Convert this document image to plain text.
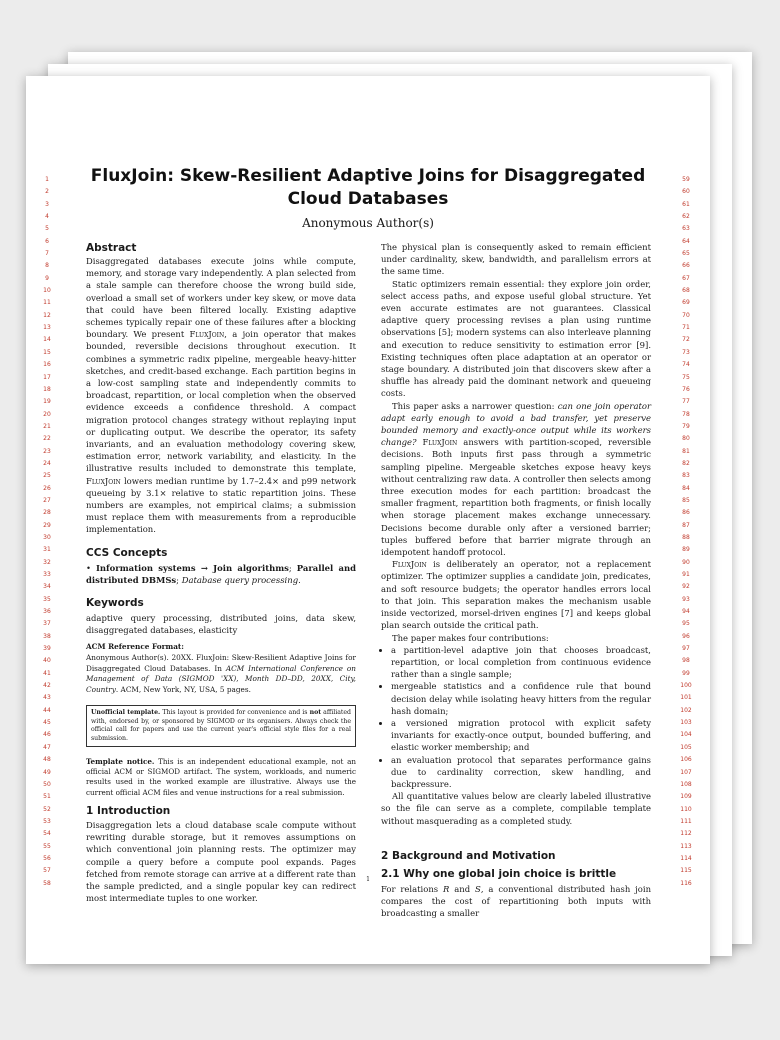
1
2
3
4
5
6
7
8
9
10
11
12
13
14
15
16
17
18
19
20
21
22
23
24
25
26
27
28
29
30
31
32
33
34
35
36
37
38
39
40
41
42
43
44
45
46
47
48
49
50
51
52
53
54
55
56
57
58
59
60
61
62
63
64
65
66
67
68
69
70
71
72
73
74
75
76
77
78
79
80
81
82
83
84
85
86
87
88
89
90
91
92
93
94
95
96
97
98
99
100
101
102
103
104
105
106
107
108
109
110
111
112
113
114
115
116
FluxJoin: Skew-Resilient Adaptive Joins for Disaggregated Cloud Databases
Anonymous Author(s)
Abstract

Disaggregated databases execute joins while compute, memory, and storage vary independently. A plan selected from a stale sample can therefore choose the wrong build side, overload a small set of workers under key skew, or move data that could have been filtered locally. Existing adaptive schemes typically repair one of these failures after a blocking boundary. We present FluxJoin, a join operator that makes bounded, reversible decisions throughout execution. It combines a symmetric radix pipeline, mergeable heavy-hitter sketches, and credit-based exchange. Each partition begins in a low-cost sampling state and independently commits to broadcast, repartition, or local completion when the observed evidence exceeds a confidence threshold. A compact migration protocol changes strategy without replaying input or duplicating output. We describe the operator, its safety invariants, and an evaluation methodology covering skew, estimation error, network variability, and elasticity. In the illustrative results included to demonstrate this template, FluxJoin lowers median runtime by 1.7–2.4× and p99 network queueing by 3.1× relative to static repartition joins. These numbers are examples, not empirical claims; a submission must replace them with measurements from a reproducible implementation.

CCS Concepts

• Information systems → Join algorithms; Parallel and distributed DBMSs; Database query processing.

Keywords

adaptive query processing, distributed joins, data skew, disaggregated databases, elasticity

ACM Reference Format:
Anonymous Author(s). 20XX. FluxJoin: Skew-Resilient Adaptive Joins for Disaggregated Cloud Databases. In ACM International Conference on Management of Data (SIGMOD 'XX), Month DD–DD, 20XX, City, Country. ACM, New York, NY, USA, 5 pages.

Unofficial template. This layout is provided for convenience and is not affiliated with, endorsed by, or sponsored by SIGMOD or its organisers. Always check the official call for papers and use the current year's official style files for a real submission.

Template notice. This is an independent educational example, not an official ACM or SIGMOD artifact. The system, workloads, and numeric results used in the worked example are illustrative. Always use the current official ACM files and venue instructions for a real submission.

1 Introduction

Disaggregation lets a cloud database scale compute without rewriting durable storage, but it removes assumptions on which conventional join planning rests. The optimizer may compile a query before a compute pool expands. Pages fetched from remote storage can arrive at a different rate than the sample predicted, and a single popular key can redirect most intermediate tuples to one worker.

The physical plan is consequently asked to remain efficient under cardinality, skew, bandwidth, and parallelism errors at the same time.

Static optimizers remain essential: they explore join order, select access paths, and expose useful global structure. Yet even accurate estimates are not guarantees. Classical adaptive query processing revises a plan using runtime observations [5]; modern systems can also interleave planning and execution to reduce sensitivity to estimation error [9]. Existing techniques often place adaptation at an operator or stage boundary. A distributed join that discovers skew after a shuffle has already paid the dominant network and queueing costs.

This paper asks a narrower question: can one join operator adapt early enough to avoid a bad transfer, yet preserve bounded memory and exactly-once output while its workers change? FluxJoin answers with partition-scoped, reversible decisions. Both inputs first pass through a symmetric sampling pipeline. Mergeable sketches expose heavy keys without centralizing raw data. A controller then selects among three execution modes for each partition: broadcast the smaller fragment, repartition both fragments, or finish locally when storage placement makes exchange unnecessary. Decisions become durable only after a versioned barrier; tuples buffered before that barrier migrate through an idempotent handoff protocol.

FluxJoin is deliberately an operator, not a replacement optimizer. The optimizer supplies a candidate join, predicates, and soft resource budgets; the operator handles errors local to that join. This separation makes the mechanism usable inside vectorized, morsel-driven engines [7] and keeps global plan search outside the critical path.

The paper makes four contributions:

• a partition-level adaptive join that chooses broadcast, repartition, or local completion from continuous evidence rather than a single sample;
• mergeable statistics and a confidence rule that bound decision delay while isolating heavy hitters from the regular hash domain;
• a versioned migration protocol with explicit safety invariants for exactly-once output, bounded buffering, and elastic worker membership; and
• an evaluation protocol that separates performance gains due to cardinality correction, skew handling, and backpressure.

All quantitative values below are clearly labeled illustrative so the file can serve as a complete, compilable template without masquerading as a completed study.

2 Background and Motivation
2.1 Why one global join choice is brittle

For relations R and S, a conventional distributed hash join compares the cost of repartitioning both inputs with broadcasting a smaller

1
